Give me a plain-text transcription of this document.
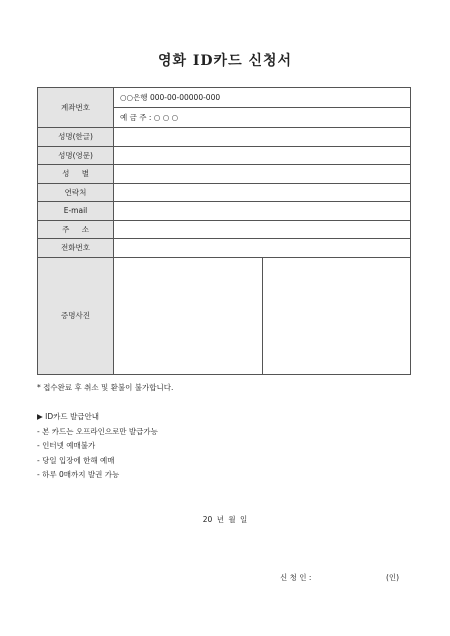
영화 ID카드 신청서
계좌번호	○○은행 000-00-00000-000
	예 금 주 : ○ ○ ○
성명(한글)	
성명(영문)	
성 별	
연락처	
E-mail	
주 소	
전화번호	
증명사진	
* 접수완료 후 취소 및 환불이 불가합니다.
▶ ID카드 발급안내
- 본 카드는 오프라인으로만 발급가능
- 인터넷 예매불가
- 당일 입장에 한해 예매
- 하루 0매까지 발권 가능
20 년 월 일
신 청 인 :	(인)
